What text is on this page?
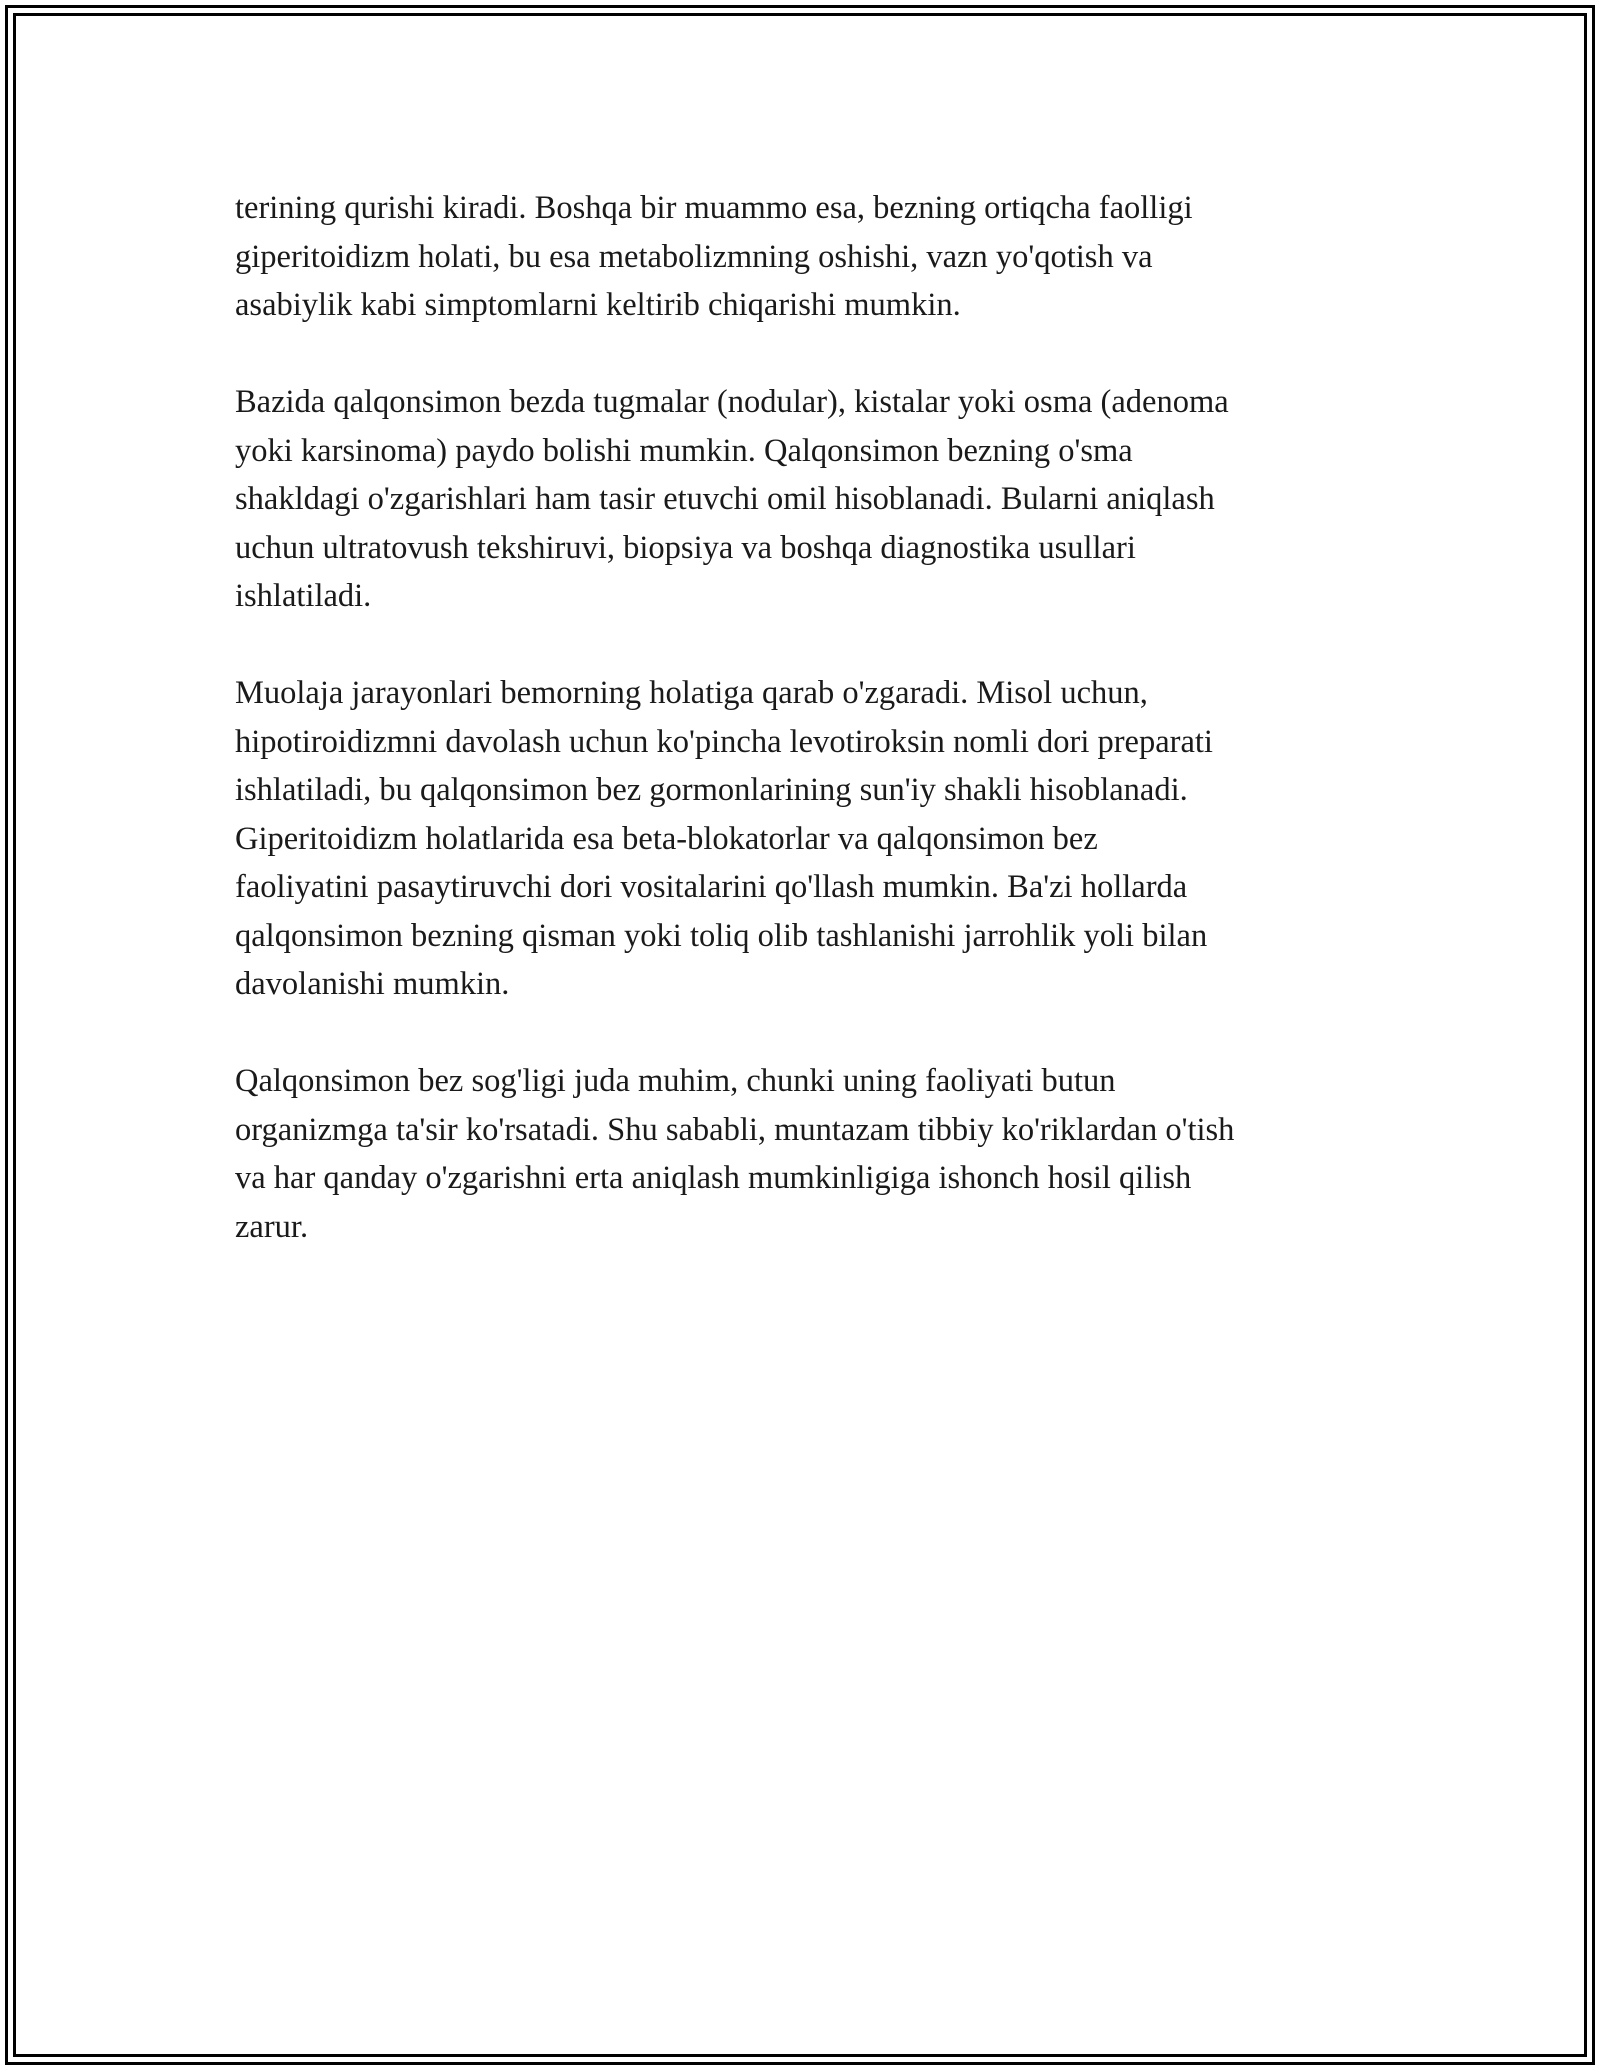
terining qurishi kiradi. Boshqa bir muammo esa, bezning ortiqcha faolligi
giperitoidizm holati, bu esa metabolizmning oshishi, vazn yo'qotish va
asabiylik kabi simptomlarni keltirib chiqarishi mumkin.

Bazida qalqonsimon bezda tugmalar (nodular), kistalar yoki osma (adenoma
yoki karsinoma) paydo bolishi mumkin. Qalqonsimon bezning o'sma
shakldagi o'zgarishlari ham tasir etuvchi omil hisoblanadi. Bularni aniqlash
uchun ultratovush tekshiruvi, biopsiya va boshqa diagnostika usullari
ishlatiladi.

Muolaja jarayonlari bemorning holatiga qarab o'zgaradi. Misol uchun,
hipotiroidizmni davolash uchun ko'pincha levotiroksin nomli dori preparati
ishlatiladi, bu qalqonsimon bez gormonlarining sun'iy shakli hisoblanadi.
Giperitoidizm holatlarida esa beta-blokatorlar va qalqonsimon bez
faoliyatini pasaytiruvchi dori vositalarini qo'llash mumkin. Ba'zi hollarda
qalqonsimon bezning qisman yoki toliq olib tashlanishi jarrohlik yoli bilan
davolanishi mumkin.

Qalqonsimon bez sog'ligi juda muhim, chunki uning faoliyati butun
organizmga ta'sir ko'rsatadi. Shu sababli, muntazam tibbiy ko'riklardan o'tish
va har qanday o'zgarishni erta aniqlash mumkinligiga ishonch hosil qilish
zarur.
